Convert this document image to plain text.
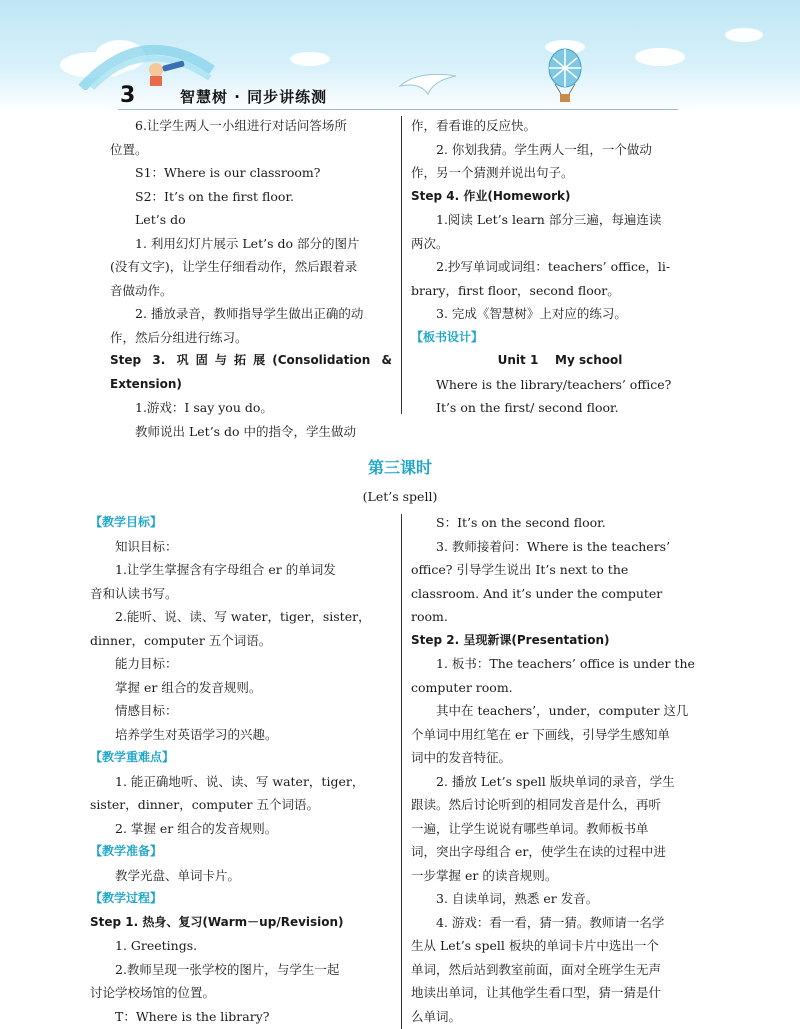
3	智慧树 · 同步讲练测

6.让学生两人一小组进行对话问答场所

位置。

S1：Where is our classroom?

S2：It’s on the first floor.

Let’s do

1. 利用幻灯片展示 Let’s do 部分的图片

(没有文字)，让学生仔细看动作，然后跟着录

音做动作。

2. 播放录音，教师指导学生做出正确的动

作，然后分组进行练习。

Step 3. 巩固与拓展(Consolidation & Extension)

1.游戏：I say you do。

教师说出 Let’s do 中的指令，学生做动

作，看看谁的反应快。

2. 你划我猜。学生两人一组，一个做动

作，另一个猜测并说出句子。

Step 4. 作业(Homework)

1.阅读 Let’s learn 部分三遍，每遍连读

两次。

2.抄写单词或词组：teachers’ office，li-

brary，first floor，second floor。

3. 完成《智慧树》上对应的练习。

【板书设计】

Unit 1    My school

Where is the library/teachers’ office?

It’s on the first/ second floor.

第三课时
(Let’s spell)

【教学目标】

知识目标：

1.让学生掌握含有字母组合 er 的单词发

音和认读书写。

2.能听、说、读、写 water，tiger，sister，

dinner，computer 五个词语。

能力目标：

掌握 er 组合的发音规则。

情感目标：

培养学生对英语学习的兴趣。

【教学重难点】

1. 能正确地听、说、读、写 water，tiger，

sister，dinner，computer 五个词语。

2. 掌握 er 组合的发音规则。

【教学准备】

教学光盘、单词卡片。

【教学过程】

Step 1. 热身、复习(Warm－up/Revision)

1. Greetings.

2.教师呈现一张学校的图片，与学生一起

讨论学校场馆的位置。

T：Where is the library?

S：It’s on the second floor.

3. 教师接着问：Where is the teachers’

office? 引导学生说出 It’s next to the

classroom. And it’s under the computer

room.

Step 2. 呈现新课(Presentation)

1. 板书：The teachers’ office is under the

computer room.

其中在 teachers’，under，computer 这几

个单词中用红笔在 er 下画线，引导学生感知单

词中的发音特征。

2. 播放 Let’s spell 版块单词的录音，学生

跟读。然后讨论听到的相同发音是什么，再听

一遍，让学生说说有哪些单词。教师板书单

词，突出字母组合 er，使学生在读的过程中进

一步掌握 er 的读音规则。

3. 自读单词，熟悉 er 发音。

4. 游戏：看一看，猜一猜。教师请一名学

生从 Let’s spell 板块的单词卡片中选出一个

单词，然后站到教室前面，面对全班学生无声

地读出单词，让其他学生看口型，猜一猜是什

么单词。
